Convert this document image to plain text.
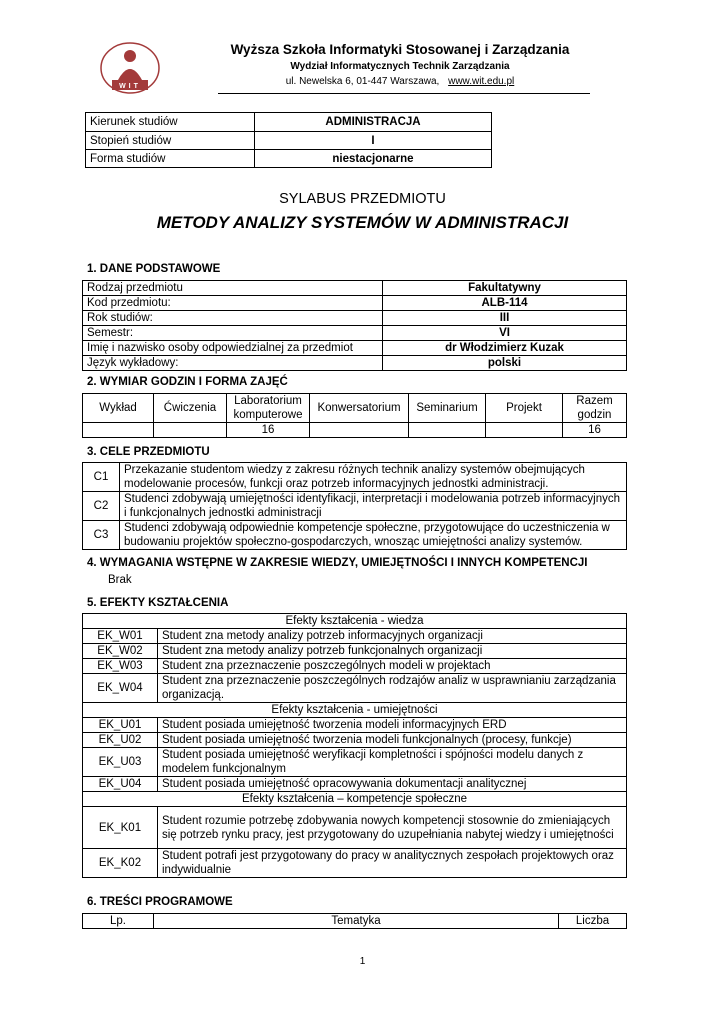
WIT
Wyższa Szkoła Informatyki Stosowanej i Zarządzania
Wydział Informatycznych Technik Zarządzania
ul. Newelska 6, 01-447 Warszawa, www.wit.edu.pl
Kierunek studiów	ADMINISTRACJA
Stopień studiów	I
Forma studiów	niestacjonarne
SYLABUS PRZEDMIOTU
METODY ANALIZY SYSTEMÓW W ADMINISTRACJI
1. DANE PODSTAWOWE
Rodzaj przedmiotu	Fakultatywny
Kod przedmiotu:	ALB-114
Rok studiów:	III
Semestr:	VI
Imię i nazwisko osoby odpowiedzialnej za przedmiot	dr Włodzimierz Kuzak
Język wykładowy:	polski
2. WYMIAR GODZIN I FORMA ZAJĘĆ
Wykład	Ćwiczenia	Laboratorium komputerowe	Konwersatorium	Seminarium	Projekt	Razem godzin
		16				16
3. CELE PRZEDMIOTU
C1	Przekazanie studentom wiedzy z zakresu różnych technik analizy systemów obejmujących modelowanie procesów, funkcji oraz potrzeb informacyjnych jednostki administracji.
C2	Studenci zdobywają umiejętności identyfikacji, interpretacji i modelowania potrzeb informacyjnych i funkcjonalnych jednostki administracji
C3	Studenci zdobywają odpowiednie kompetencje społeczne, przygotowujące do uczestniczenia w budowaniu projektów społeczno-gospodarczych, wnosząc umiejętności analizy systemów.
4. WYMAGANIA WSTĘPNE W ZAKRESIE WIEDZY, UMIEJĘTNOŚCI I INNYCH KOMPETENCJI
Brak
5. EFEKTY KSZTAŁCENIA
Efekty kształcenia - wiedza	
EK_W01	Student zna metody analizy potrzeb informacyjnych organizacji
EK_W02	Student zna metody analizy potrzeb funkcjonalnych organizacji
EK_W03	Student zna przeznaczenie poszczególnych modeli w projektach
EK_W04	Student zna przeznaczenie poszczególnych rodzajów analiz w usprawnianiu zarządzania organizacją.
Efekty kształcenia - umiejętności	
EK_U01	Student posiada umiejętność tworzenia modeli informacyjnych ERD
EK_U02	Student posiada umiejętność tworzenia modeli funkcjonalnych (procesy, funkcje)
EK_U03	Student posiada umiejętność weryfikacji kompletności i spójności modelu danych z modelem funkcjonalnym
EK_U04	Student posiada umiejętność opracowywania dokumentacji analitycznej
Efekty kształcenia – kompetencje społeczne	
EK_K01	Student rozumie potrzebę zdobywania nowych kompetencji stosownie do zmieniających się potrzeb rynku pracy, jest przygotowany do uzupełniania nabytej wiedzy i umiejętności
EK_K02	Student potrafi jest przygotowany do pracy w analitycznych zespołach projektowych oraz indywidualnie
6. TREŚCI PROGRAMOWE
Lp.	Tematyka	Liczba
1
